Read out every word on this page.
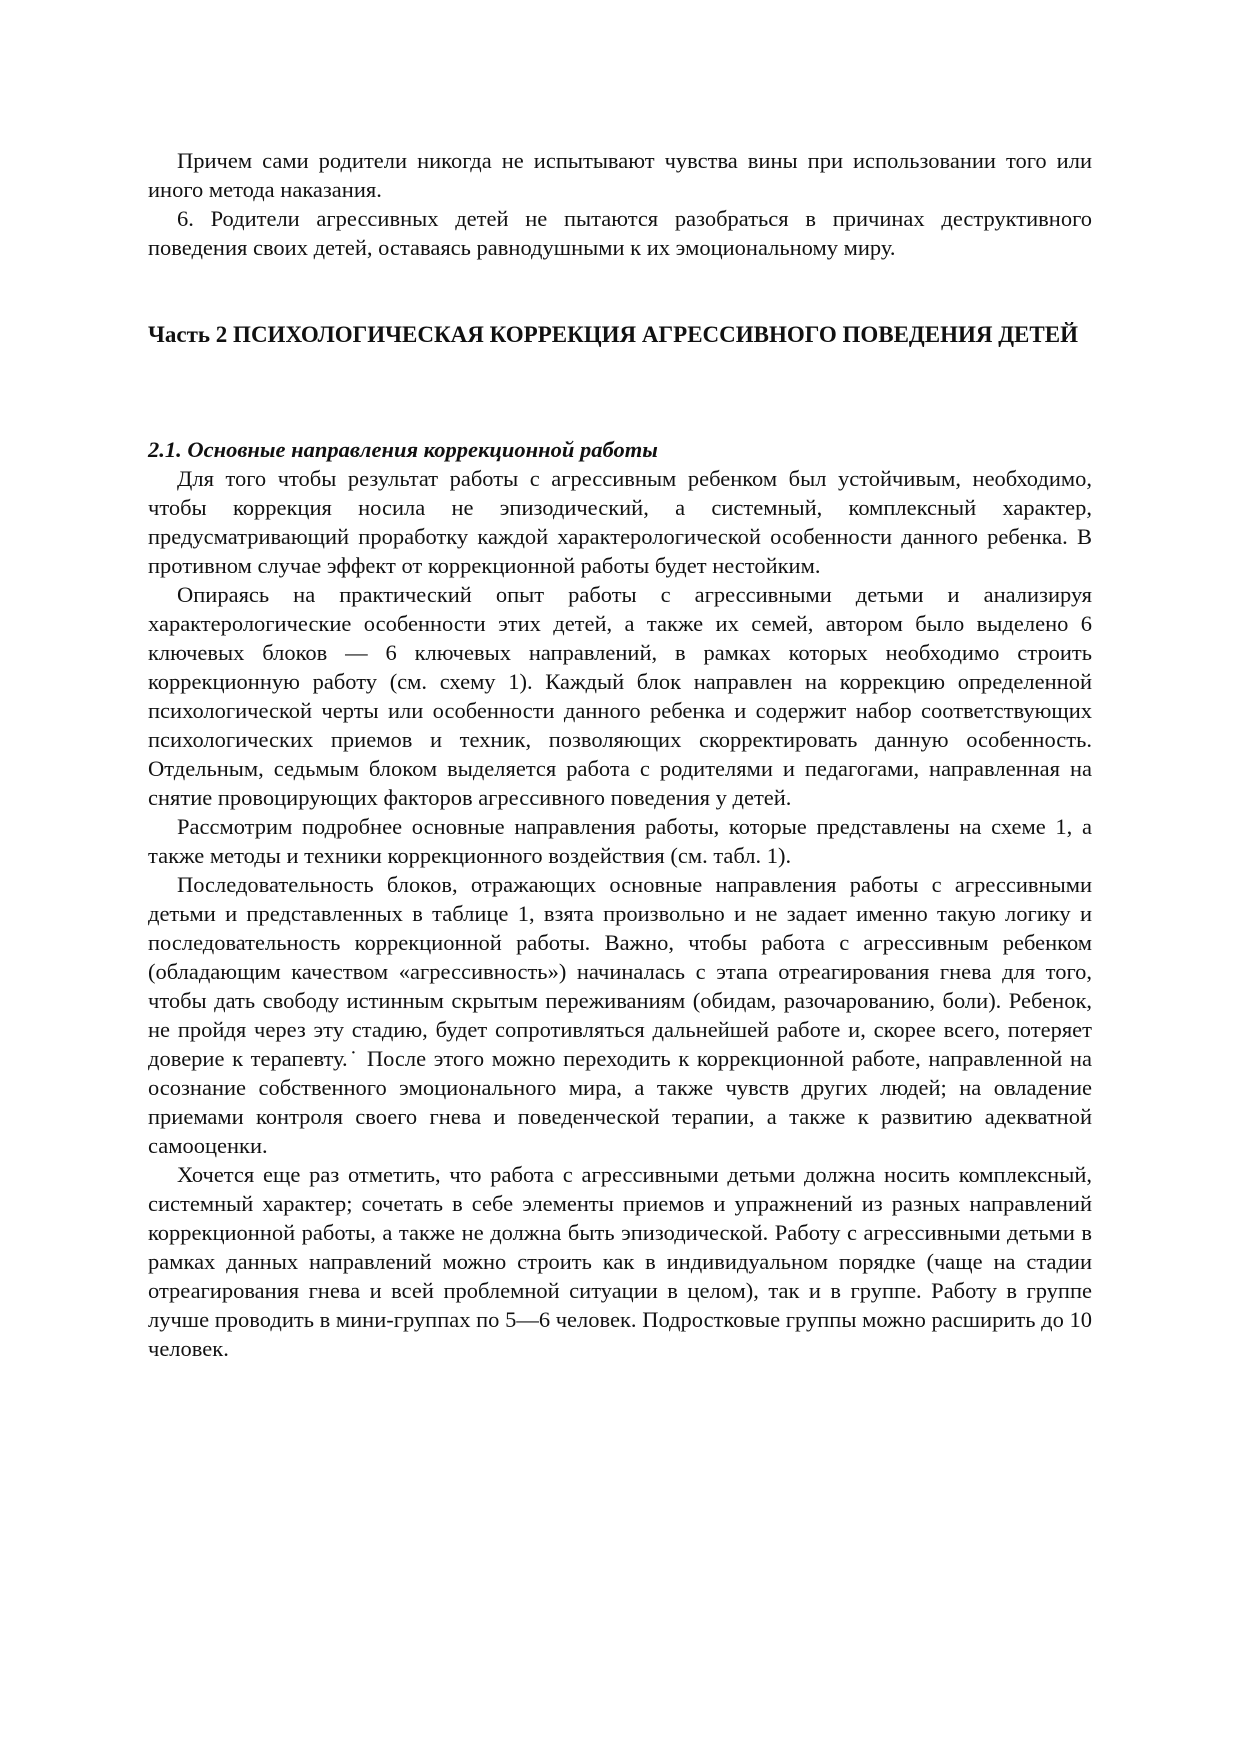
Причем сами родители никогда не испытывают чувства вины при использовании того или иного метода наказания.

6. Родители агрессивных детей не пытаются разобраться в причинах деструктивного поведения своих детей, оставаясь равнодушными к их эмоциональному миру.

Часть 2 ПСИХОЛОГИЧЕСКАЯ КОРРЕКЦИЯ АГРЕССИВНОГО ПОВЕДЕНИЯ ДЕТЕЙ

2.1. Основные направления коррекционной работы

Для того чтобы результат работы с агрессивным ребенком был устойчивым, необходимо, чтобы коррекция носила не эпизодический, а системный, комплексный характер, предусматривающий проработку каждой характерологической особенности данного ребенка. В противном случае эффект от коррекционной работы будет нестойким.

Опираясь на практический опыт работы с агрессивными детьми и анализируя характерологические особенности этих детей, а также их семей, автором было выделено 6 ключевых блоков — 6 ключевых направлений, в рамках которых необходимо строить коррекционную работу (см. схему 1). Каждый блок направлен на коррекцию определенной психологической черты или особенности данного ребенка и содержит набор соответствующих психологических приемов и техник, позволяющих скорректировать данную особенность. Отдельным, седьмым блоком выделяется работа с родителями и педагогами, направленная на снятие провоцирующих факторов агрессивного поведения у детей.

Рассмотрим подробнее основные направления работы, которые представлены на схеме 1, а также методы и техники коррекционного воздействия (см. табл. 1).

Последовательность блоков, отражающих основные направления работы с агрессивными детьми и представленных в таблице 1, взята произвольно и не задает именно такую логику и последовательность коррекционной работы. Важно, чтобы работа с агрессивным ребенком (обладающим качеством «агрессивность») начиналась с этапа отреагирования гнева для того, чтобы дать свободу истинным скрытым переживаниям (обидам, разочарованию, боли). Ребенок, не пройдя через эту стадию, будет сопротивляться дальнейшей работе и, скорее всего, потеряет доверие к терапевту.˙ После этого можно переходить к коррекционной работе, направленной на осознание собственного эмоционального мира, а также чувств других людей; на овладение приемами контроля своего гнева и поведенческой терапии, а также к развитию адекватной самооценки.

Хочется еще раз отметить, что работа с агрессивными детьми должна носить комплексный, системный характер; сочетать в себе элементы приемов и упражнений из разных направлений коррекционной работы, а также не должна быть эпизодической. Работу с агрессивными детьми в рамках данных направлений можно строить как в индивидуальном порядке (чаще на стадии отреагирования гнева и всей проблемной ситуации в целом), так и в группе. Работу в группе лучше проводить в мини-группах по 5—6 человек. Подростковые группы можно расширить до 10 человек.
